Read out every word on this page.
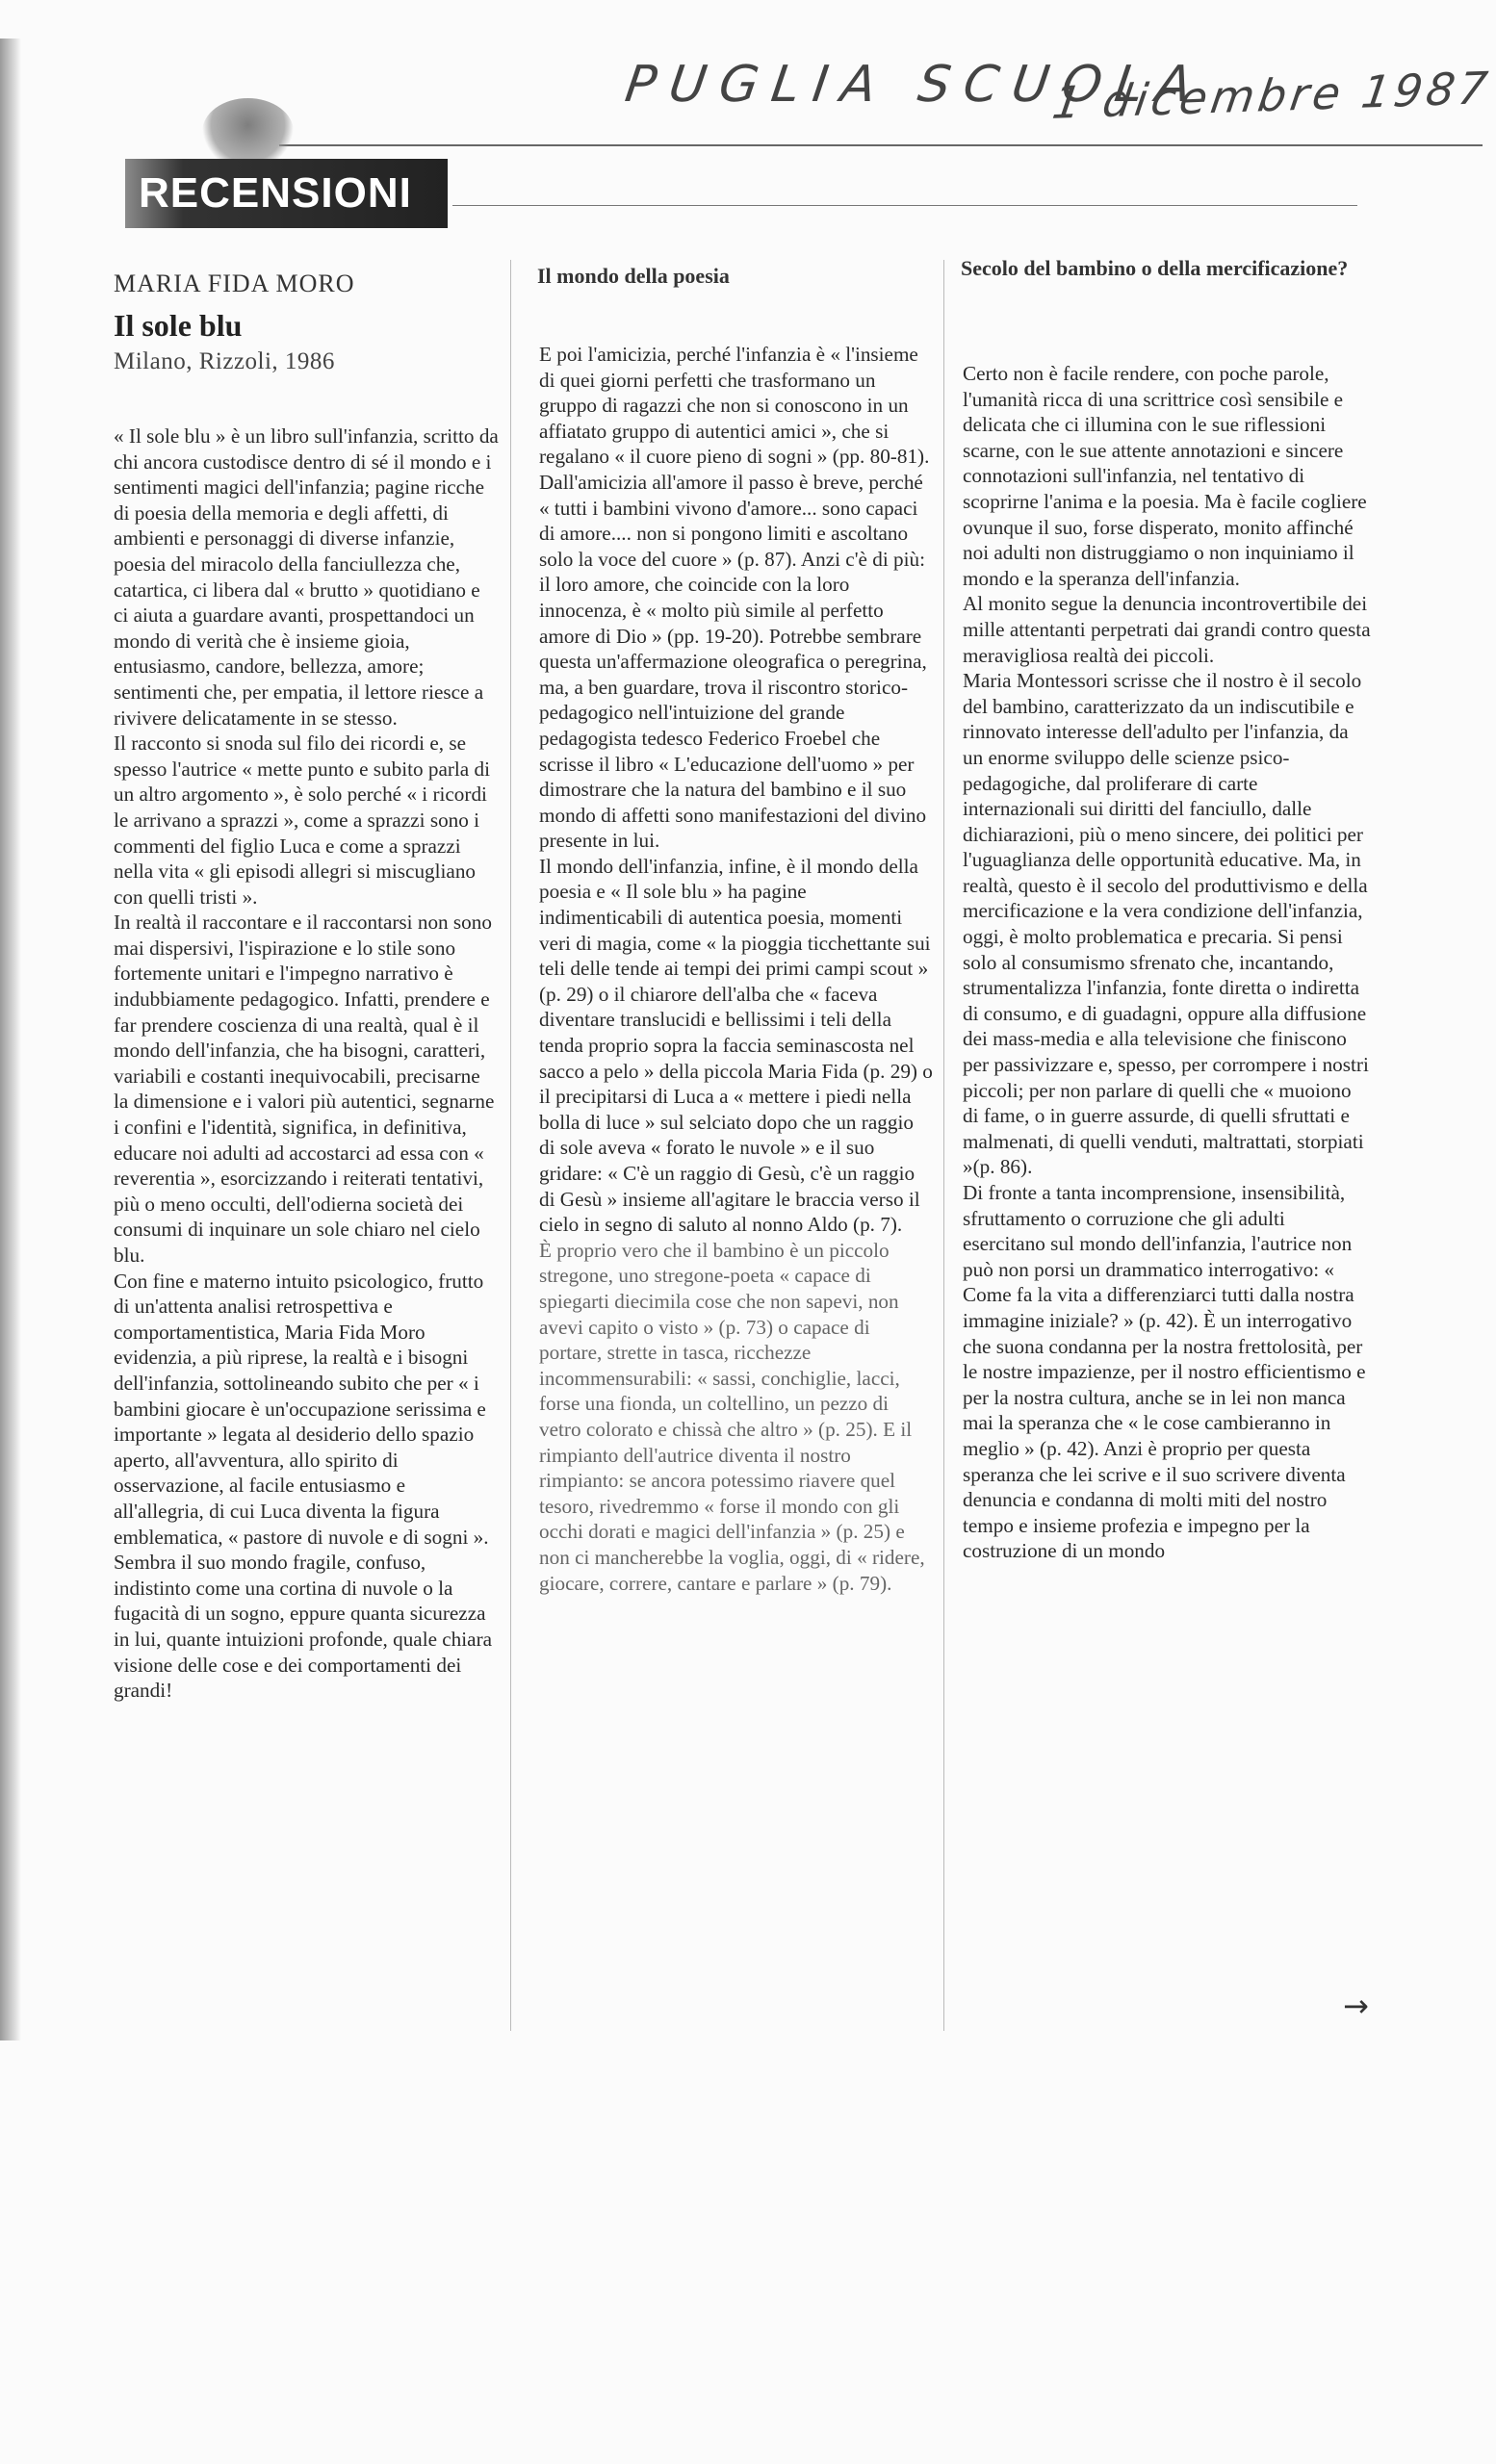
PUGLIA SCUOLA
1 dicembre 1987
RECENSIONI
MARIA FIDA MORO
Il sole blu
Milano, Rizzoli, 1986
Il mondo della poesia	Secolo del bambino o della mercificazione?

« Il sole blu » è un libro sull'infanzia, scritto da chi ancora custodisce dentro di sé il mondo e i sentimenti magici dell'infanzia; pagine ricche di poesia della memoria e degli affetti, di ambienti e personaggi di diverse infanzie, poesia del miracolo della fanciullezza che, catartica, ci libera dal « brutto » quotidiano e ci aiuta a guardare avanti, prospettandoci un mondo di verità che è insieme gioia, entusiasmo, candore, bellezza, amore; sentimenti che, per empatia, il lettore riesce a rivivere delicatamente in se stesso.

Il racconto si snoda sul filo dei ricordi e, se spesso l'autrice « mette punto e subito parla di un altro argomento », è solo perché « i ricordi le arrivano a sprazzi », come a sprazzi sono i commenti del figlio Luca e come a sprazzi nella vita « gli episodi allegri si miscugliano con quelli tristi ».

In realtà il raccontare e il raccontarsi non sono mai dispersivi, l'ispirazione e lo stile sono fortemente unitari e l'impegno narrativo è indubbiamente pedagogico. Infatti, prendere e far prendere coscienza di una realtà, qual è il mondo dell'infanzia, che ha bisogni, caratteri, variabili e costanti inequivocabili, precisarne la dimensione e i valori più autentici, segnarne i confini e l'identità, significa, in definitiva, educare noi adulti ad accostarci ad essa con « reverentia », esorcizzando i reiterati tentativi, più o meno occulti, dell'odierna società dei consumi di inquinare un sole chiaro nel cielo blu.

Con fine e materno intuito psicologico, frutto di un'attenta analisi retrospettiva e comportamentistica, Maria Fida Moro evidenzia, a più riprese, la realtà e i bisogni dell'infanzia, sottolineando subito che per « i bambini giocare è un'occupazione serissima e importante » legata al desiderio dello spazio aperto, all'avventura, allo spirito di osservazione, al facile entusiasmo e all'allegria, di cui Luca diventa la figura emblematica, « pastore di nuvole e di sogni ». Sembra il suo mondo fragile, confuso, indistinto come una cortina di nuvole o la fugacità di un sogno, eppure quanta sicurezza in lui, quante intuizioni profonde, quale chiara visione delle cose e dei comportamenti dei grandi!

E poi l'amicizia, perché l'infanzia è « l'insieme di quei giorni perfetti che trasformano un gruppo di ragazzi che non si conoscono in un affiatato gruppo di autentici amici », che si regalano « il cuore pieno di sogni » (pp. 80-81).

Dall'amicizia all'amore il passo è breve, perché « tutti i bambini vivono d'amore... sono capaci di amore.... non si pongono limiti e ascoltano solo la voce del cuore » (p. 87). Anzi c'è di più: il loro amore, che coincide con la loro innocenza, è « molto più simile al perfetto amore di Dio » (pp. 19-20). Potrebbe sembrare questa un'affermazione oleografica o peregrina, ma, a ben guardare, trova il riscontro storico-pedagogico nell'intuizione del grande pedagogista tedesco Federico Froebel che scrisse il libro « L'educazione dell'uomo » per dimostrare che la natura del bambino e il suo mondo di affetti sono manifestazioni del divino presente in lui.

Il mondo dell'infanzia, infine, è il mondo della poesia e « Il sole blu » ha pagine indimenticabili di autentica poesia, momenti veri di magia, come « la pioggia ticchettante sui teli delle tende ai tempi dei primi campi scout » (p. 29) o il chiarore dell'alba che « faceva diventare translucidi e bellissimi i teli della tenda proprio sopra la faccia seminascosta nel sacco a pelo » della piccola Maria Fida (p. 29) o il precipitarsi di Luca a « mettere i piedi nella bolla di luce » sul selciato dopo che un raggio di sole aveva « forato le nuvole » e il suo gridare: « C'è un raggio di Gesù, c'è un raggio di Gesù » insieme all'agitare le braccia verso il cielo in segno di saluto al nonno Aldo (p. 7).

È proprio vero che il bambino è un piccolo stregone, uno stregone-poeta « capace di spiegarti diecimila cose che non sapevi, non avevi capito o visto » (p. 73) o capace di portare, strette in tasca, ricchezze incommensurabili: « sassi, conchiglie, lacci, forse una fionda, un coltellino, un pezzo di vetro colorato e chissà che altro » (p. 25). E il rimpianto dell'autrice diventa il nostro rimpianto: se ancora potessimo riavere quel tesoro, rivedremmo « forse il mondo con gli occhi dorati e magici dell'infanzia » (p. 25) e non ci mancherebbe la voglia, oggi, di « ridere, giocare, correre, cantare e parlare » (p. 79).

Certo non è facile rendere, con poche parole, l'umanità ricca di una scrittrice così sensibile e delicata che ci illumina con le sue riflessioni scarne, con le sue attente annotazioni e sincere connotazioni sull'infanzia, nel tentativo di scoprirne l'anima e la poesia. Ma è facile cogliere ovunque il suo, forse disperato, monito affinché noi adulti non distruggiamo o non inquiniamo il mondo e la speranza dell'infanzia.

Al monito segue la denuncia incontrovertibile dei mille attentanti perpetrati dai grandi contro questa meravigliosa realtà dei piccoli.

Maria Montessori scrisse che il nostro è il secolo del bambino, caratterizzato da un indiscutibile e rinnovato interesse dell'adulto per l'infanzia, da un enorme sviluppo delle scienze psico-pedagogiche, dal proliferare di carte internazionali sui diritti del fanciullo, dalle dichiarazioni, più o meno sincere, dei politici per l'uguaglianza delle opportunità educative. Ma, in realtà, questo è il secolo del produttivismo e della mercificazione e la vera condizione dell'infanzia, oggi, è molto problematica e precaria. Si pensi solo al consumismo sfrenato che, incantando, strumentalizza l'infanzia, fonte diretta o indiretta di consumo, e di guadagni, oppure alla diffusione dei mass-media e alla televisione che finiscono per passivizzare e, spesso, per corrompere i nostri piccoli; per non parlare di quelli che « muoiono di fame, o in guerre assurde, di quelli sfruttati e malmenati, di quelli venduti, maltrattati, storpiati »(p. 86).

Di fronte a tanta incomprensione, insensibilità, sfruttamento o corruzione che gli adulti esercitano sul mondo dell'infanzia, l'autrice non può non porsi un drammatico interrogativo: « Come fa la vita a differenziarci tutti dalla nostra immagine iniziale? » (p. 42). È un interrogativo che suona condanna per la nostra frettolosità, per le nostre impazienze, per il nostro efficientismo e per la nostra cultura, anche se in lei non manca mai la speranza che « le cose cambieranno in meglio » (p. 42). Anzi è proprio per questa speranza che lei scrive e il suo scrivere diventa denuncia e condanna di molti miti del nostro tempo e insieme profezia e impegno per la costruzione di un mondo

→
